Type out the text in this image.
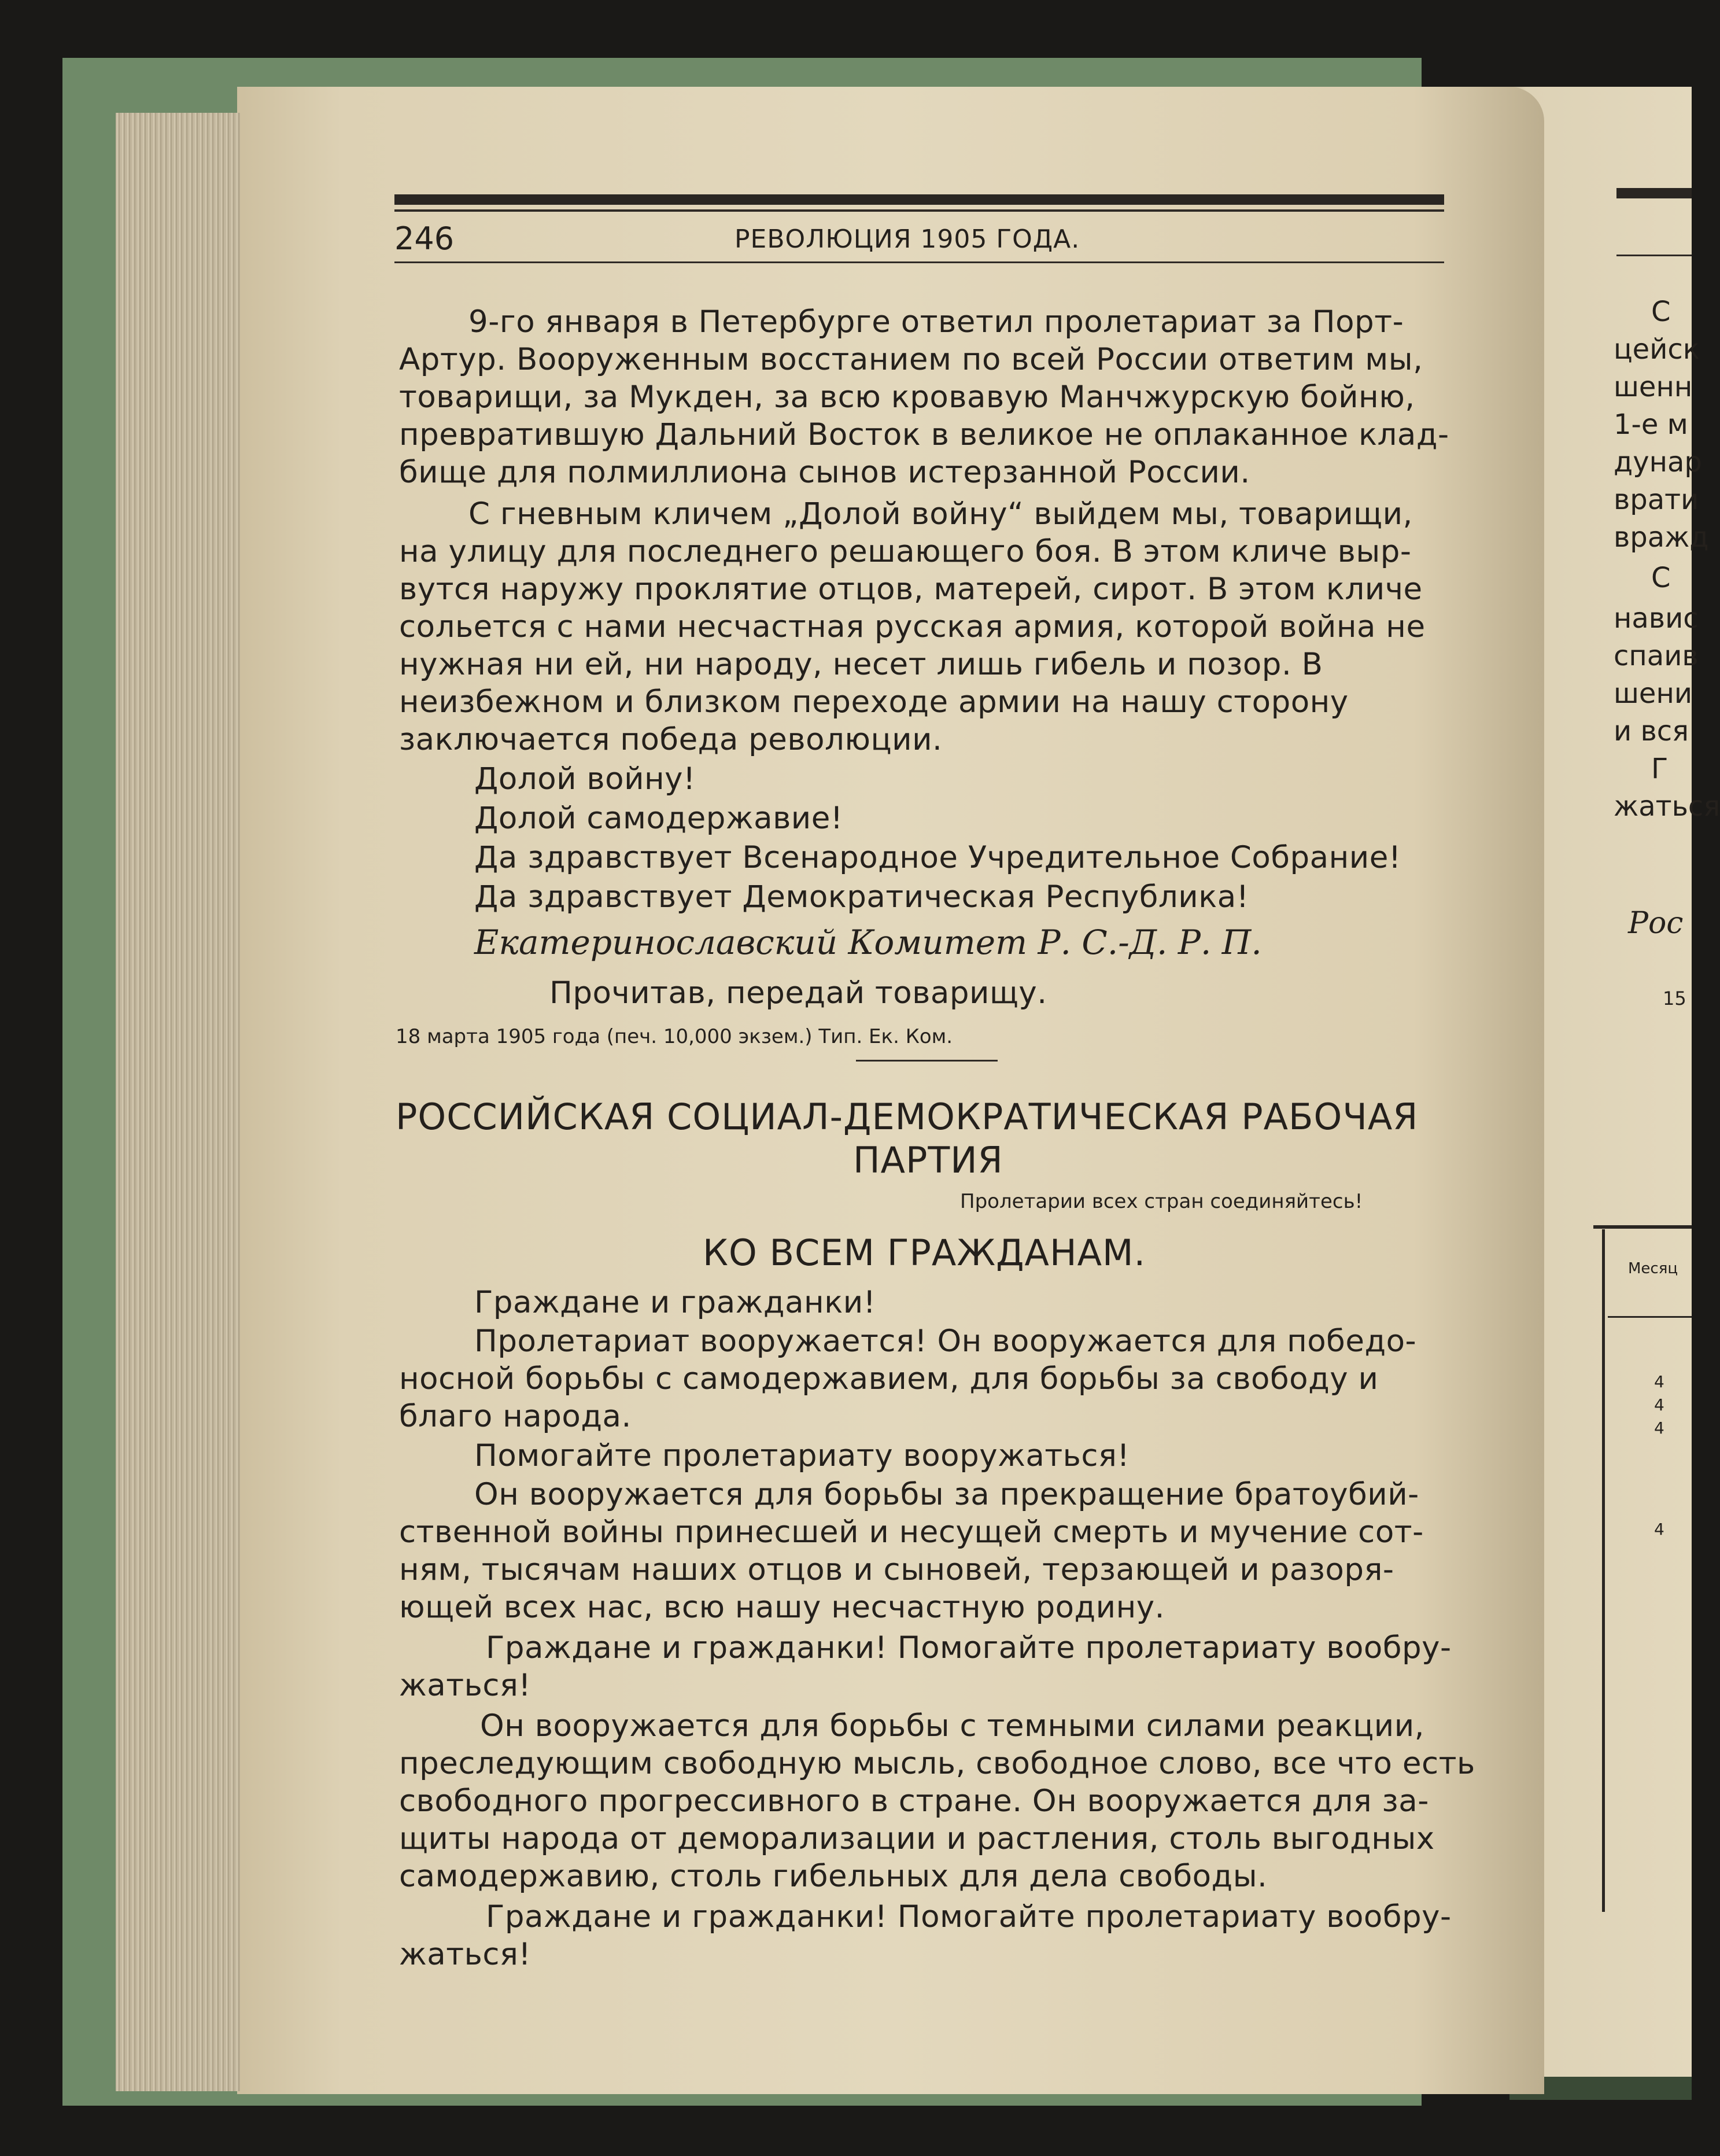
246	РЕВОЛЮЦИЯ 1905 ГОДА.
9-го января в Петербурге ответил пролетариат за Порт-
Артур. Вооруженным восстанием по всей России ответим мы,
товарищи, за Мукден, за всю кровавую Манчжурскую бойню,
превратившую Дальний Восток в великое не оплаканное клад-
бище для полмиллиона сынов истерзанной России.
С гневным кличем „Долой войну“ выйдем мы, товарищи,
на улицу для последнего решающего боя. В этом кличе выр-
вутся наружу проклятие отцов, матерей, сирот. В этом кличе
сольется с нами несчастная русская армия, которой война не
нужная ни ей, ни народу, несет лишь гибель и позор. В
неизбежном и близком переходе армии на нашу сторону
заключается победа революции.
Долой войну!
Долой самодержавие!
Да здравствует Всенародное Учредительное Собрание!
Да здравствует Демократическая Республика!
Екатеринославский Комитет Р. С.-Д. Р. П.
Прочитав, передай товарищу.
18 марта 1905 года (печ. 10,000 экзем.) Тип. Ек. Ком.
РОССИЙСКАЯ СОЦИАЛ-ДЕМОКРАТИЧЕСКАЯ РАБОЧАЯ
ПАРТИЯ
Пролетарии всех стран соединяйтесь!
КО ВСЕМ ГРАЖДАНАМ.
Граждане и гражданки!
Пролетариат вооружается! Он вооружается для победо-
носной борьбы с самодержавием, для борьбы за свободу и
благо народа.
Помогайте пролетариату вооружаться!
Он вооружается для борьбы за прекращение братоубий-
ственной войны принесшей и несущей смерть и мучение сот-
ням, тысячам наших отцов и сыновей, терзающей и разоря-
ющей всех нас, всю нашу несчастную родину.
Граждане и гражданки! Помогайте пролетариату вообру-
жаться!
Он вооружается для борьбы с темными силами реакции,
преследующим свободную мысль, свободное слово, все что есть
свободного прогрессивного в стране. Он вооружается для за-
щиты народа от деморализации и растления, столь выгодных
самодержавию, столь гибельных для дела свободы.
Граждане и гражданки! Помогайте пролетариату вообру-
жаться!
С
цейск
шенн
1-е м
дунар
врати
вражд
С
навис
спаив
шени
и вся
Г
жаться
Рос
15
Месяц
4
4
4
4
